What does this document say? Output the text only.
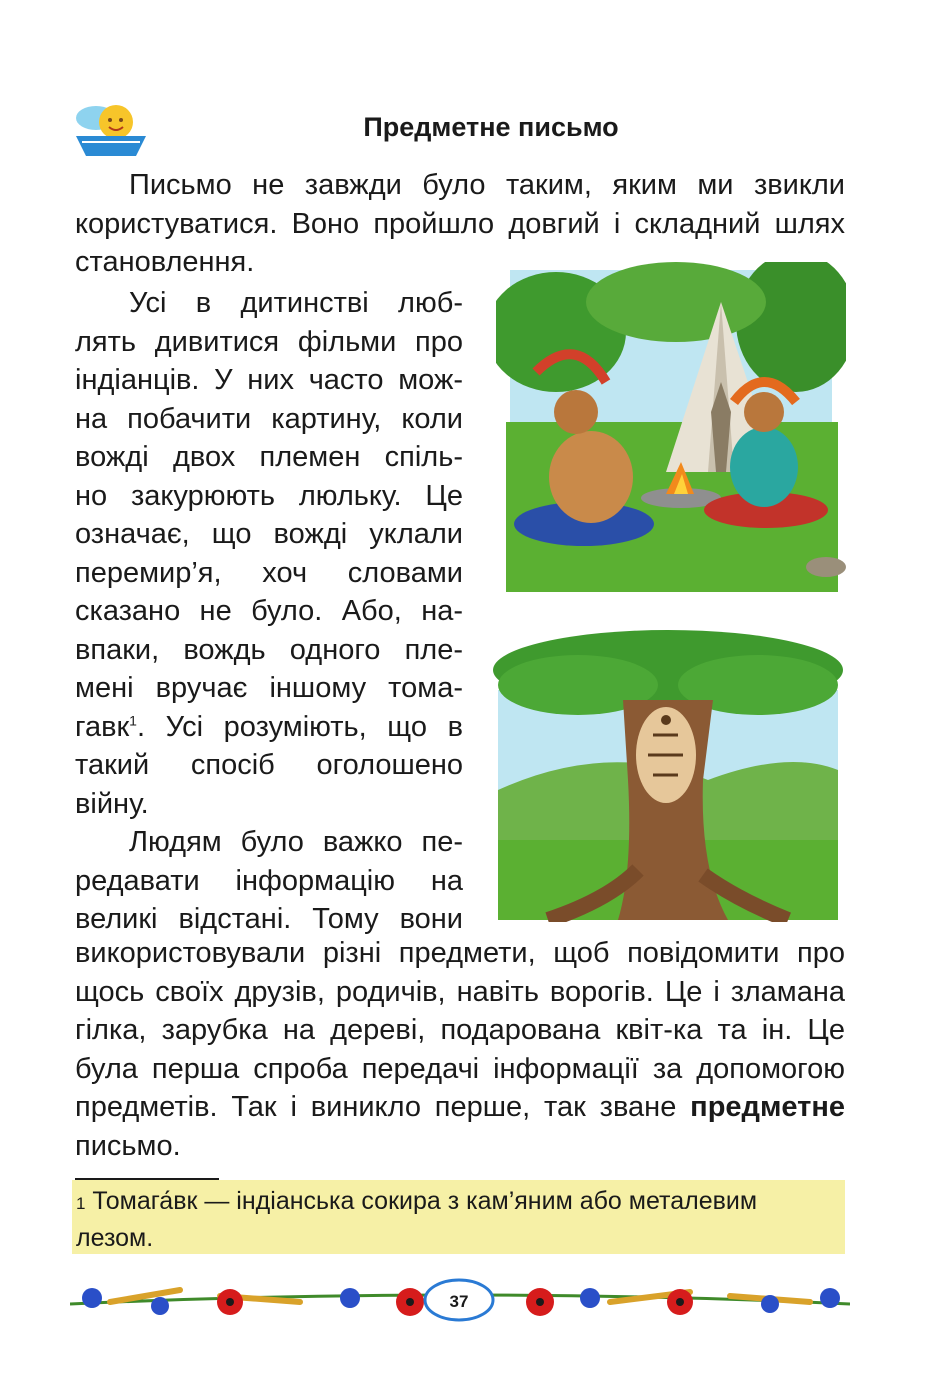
Предметне письмо

Письмо не завжди було таким, яким ми звикли користуватися. Воно пройшло довгий і складний шлях становлення.

Усі в дитинстві люб-
лять дивитися фільми про
індіанців. У них часто мож-
на побачити картину, коли
вожді двох племен спіль-
но закурюють люльку. Це
означає, що вожді уклали
перемир’я, хоч словами
сказано не було. Або, на-
впаки, вождь одного пле-
мені вручає іншому тома-
гавк$^1$. Усі розуміють, що в
такий спосіб оголошено
війну.
Людям було важко пе-
редавати інформацію на
великі відстані. Тому вони

використовували різні предмети, щоб повідомити про щось своїх друзів, родичів, навіть ворогів. Це і зламана гілка, зарубка на дереві, подарована квіт-ка та ін. Це була перша спроба передачі інформації за допомогою предметів. Так і виникло перше, так зване предметне письмо.

1 Томага́вк — індіанська сокира з кам’яним або металевим лезом.
37
